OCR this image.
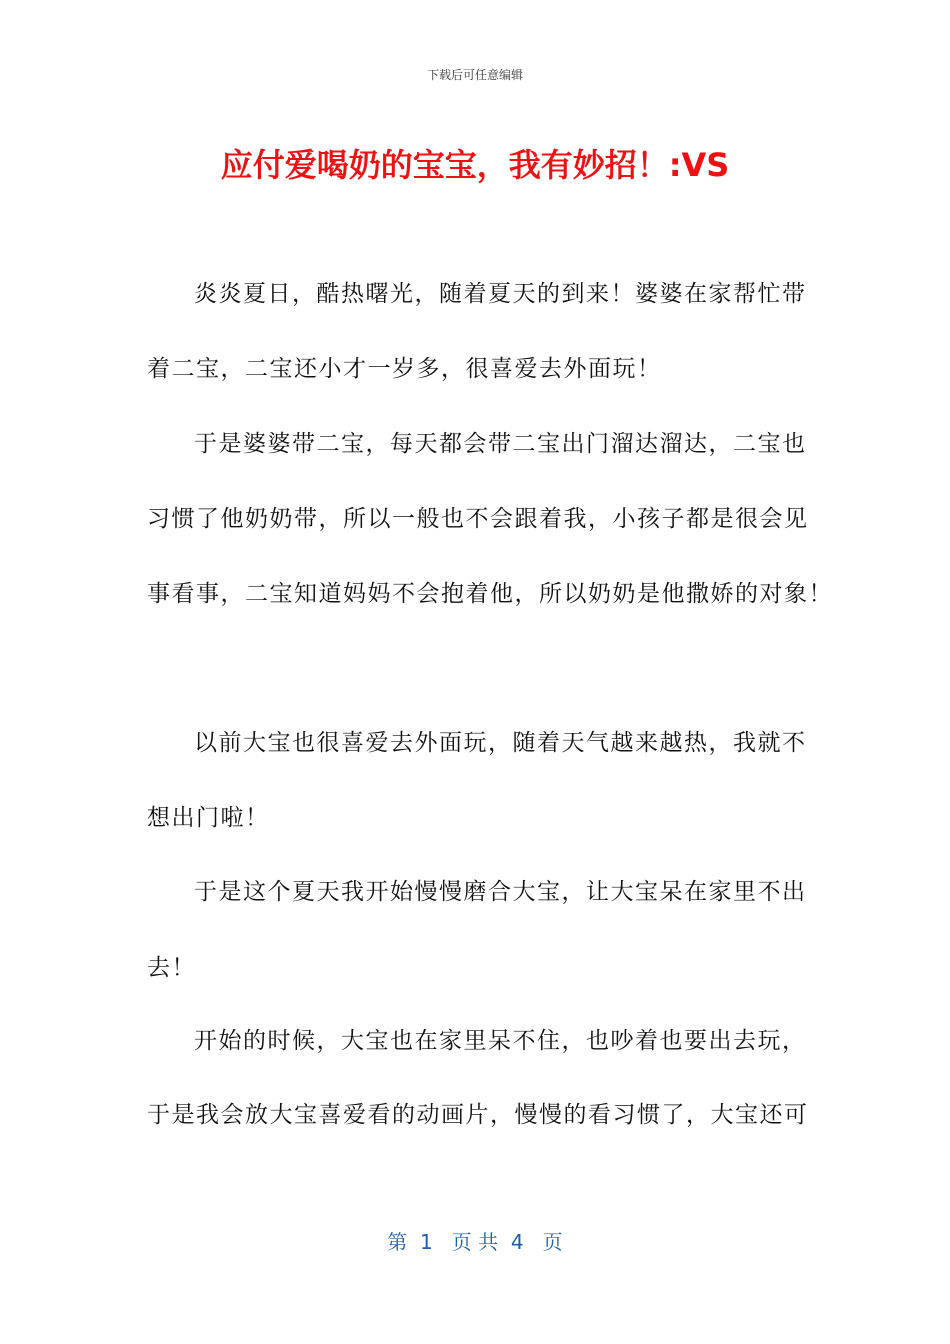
下载后可任意编辑
应付爱喝奶的宝宝，我有妙招！:VS
炎炎夏日，酷热曙光，随着夏天的到来！婆婆在家帮忙带
着二宝，二宝还小才一岁多，很喜爱去外面玩！
于是婆婆带二宝，每天都会带二宝出门溜达溜达，二宝也
习惯了他奶奶带，所以一般也不会跟着我，小孩子都是很会见
事看事，二宝知道妈妈不会抱着他，所以奶奶是他撒娇的对象！
以前大宝也很喜爱去外面玩，随着天气越来越热，我就不
想出门啦！
于是这个夏天我开始慢慢磨合大宝，让大宝呆在家里不出
去！
开始的时候，大宝也在家里呆不住，也吵着也要出去玩，
于是我会放大宝喜爱看的动画片，慢慢的看习惯了，大宝还可
第  1   页 共  4   页
